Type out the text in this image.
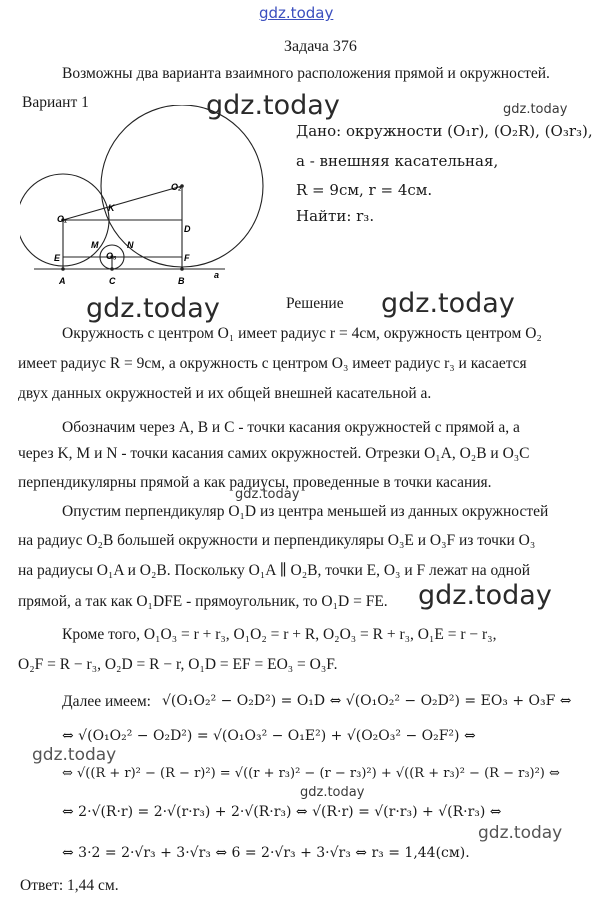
gdz.today
gdz.today	gdz.today
gdz.today	gdz.today
gdz.today
gdz.today
gdz.today
gdz.today
gdz.today
Задача 376
Возможны два варианта взаимного расположения прямой и окружностей.
Вариант 1
Дано: окружности (O₁r), (O₂R), (O₃r₃),
a - внешняя касательная,
R = 9см, r = 4см.
Найти: r₃.
O₁
O₂
K
D
M	N
O₃
E	F
A	C	B
a
Решение
Окружность с центром O₁ имеет радиус r = 4см, окружность центром O₂
имеет радиус R = 9см, а окружность с центром O₃ имеет радиус r₃ и касается
двух данных окружностей и их общей внешней касательной a.
Обозначим через A, B и C - точки касания окружностей с прямой a, а
через K, M и N - точки касания самих окружностей. Отрезки O₁A, O₂B и O₃C
перпендикулярны прямой a как радиусы, проведенные в точки касания.
Опустим перпендикуляр O₁D из центра меньшей из данных окружностей
на радиус O₂B большей окружности и перпендикуляры O₃E и O₃F из точки O₃
на радиусы O₁A и O₂B. Поскольку O₁A ∥ O₂B, точки E, O₃ и F лежат на одной
прямой, а так как O₁DFE - прямоугольник, то O₁D = FE.
Кроме того, O₁O₃ = r + r₃, O₁O₂ = r + R, O₂O₃ = R + r₃, O₁E = r − r₃,
O₂F = R − r₃, O₂D = R − r, O₁D = EF = EO₃ = O₃F.
Далее имеем: √(O₁O₂² − O₂D²) = O₁D ⇔ √(O₁O₂² − O₂D²) = EO₃ + O₃F ⇔
⇔ √(O₁O₂² − O₂D²) = √(O₁O₃² − O₁E²) + √(O₂O₃² − O₂F²) ⇔
⇔ √((R + r)² − (R − r)²) = √((r + r₃)² − (r − r₃)²) + √((R + r₃)² − (R − r₃)²) ⇔
⇔ 2·√(R·r) = 2·√(r·r₃) + 2·√(R·r₃) ⇔ √(R·r) = √(r·r₃) + √(R·r₃) ⇔
⇔ 3·2 = 2·√r₃ + 3·√r₃ ⇔ 6 = 2·√r₃ + 3·√r₃ ⇔ r₃ = 1,44(см).
Ответ: 1,44 см.
